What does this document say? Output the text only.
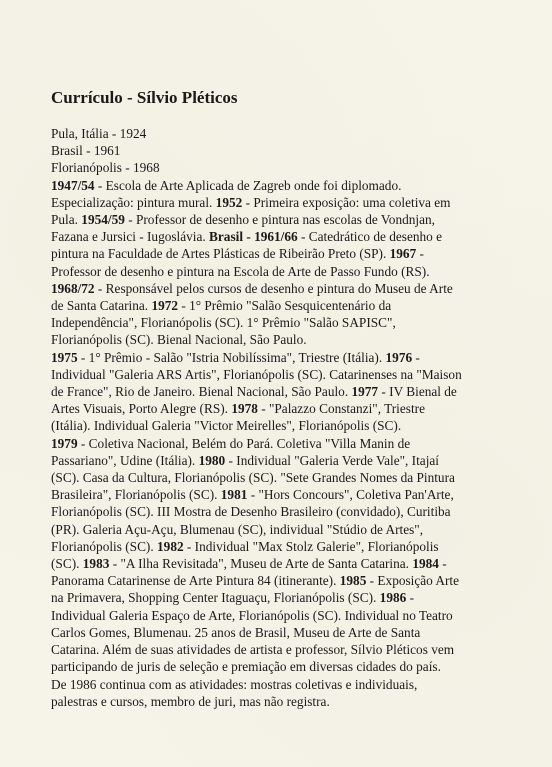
Currículo - Sílvio Pléticos
Pula, Itália - 1924
Brasil - 1961
Florianópolis - 1968
1947/54 - Escola de Arte Aplicada de Zagreb onde foi diplomado.
Especialização: pintura mural. 1952 - Primeira exposição: uma coletiva em
Pula. 1954/59 - Professor de desenho e pintura nas escolas de Vondnjan,
Fazana e Jursici - Iugoslávia. Brasil - 1961/66 - Catedrático de desenho e
pintura na Faculdade de Artes Plásticas de Ribeirão Preto (SP). 1967 -
Professor de desenho e pintura na Escola de Arte de Passo Fundo (RS).
1968/72 - Responsável pelos cursos de desenho e pintura do Museu de Arte
de Santa Catarina. 1972 - 1° Prêmio "Salão Sesquicentenário da
Independência", Florianópolis (SC). 1° Prêmio "Salão SAPISC",
Florianópolis (SC). Bienal Nacional, São Paulo.
1975 - 1° Prêmio - Salão "Istria Nobilíssima", Triestre (Itália). 1976 -
Individual "Galeria ARS Artis", Florianópolis (SC). Catarinenses na "Maison
de France", Rio de Janeiro. Bienal Nacional, São Paulo. 1977 - IV Bienal de
Artes Visuais, Porto Alegre (RS). 1978 - "Palazzo Constanzi", Triestre
(Itália). Individual Galeria "Victor Meirelles", Florianópolis (SC).
1979 - Coletiva Nacional, Belém do Pará. Coletiva "Villa Manin de
Passariano", Udine (Itália). 1980 - Individual "Galeria Verde Vale", Itajaí
(SC). Casa da Cultura, Florianópolis (SC). "Sete Grandes Nomes da Pintura
Brasileira", Florianópolis (SC). 1981 - "Hors Concours", Coletiva Pan'Arte,
Florianópolis (SC). III Mostra de Desenho Brasileiro (convidado), Curitiba
(PR). Galeria Açu-Açu, Blumenau (SC), individual "Stúdio de Artes",
Florianópolis (SC). 1982 - Individual "Max Stolz Galerie", Florianópolis
(SC). 1983 - "A Ilha Revisitada", Museu de Arte de Santa Catarina. 1984 -
Panorama Catarinense de Arte Pintura 84 (itinerante). 1985 - Exposição Arte
na Primavera, Shopping Center Itaguaçu, Florianópolis (SC). 1986 -
Individual Galeria Espaço de Arte, Florianópolis (SC). Individual no Teatro
Carlos Gomes, Blumenau. 25 anos de Brasil, Museu de Arte de Santa
Catarina. Além de suas atividades de artista e professor, Sílvio Pléticos vem
participando de juris de seleção e premiação em diversas cidades do país.
De 1986 continua com as atividades: mostras coletivas e individuais,
palestras e cursos, membro de juri, mas não registra.
